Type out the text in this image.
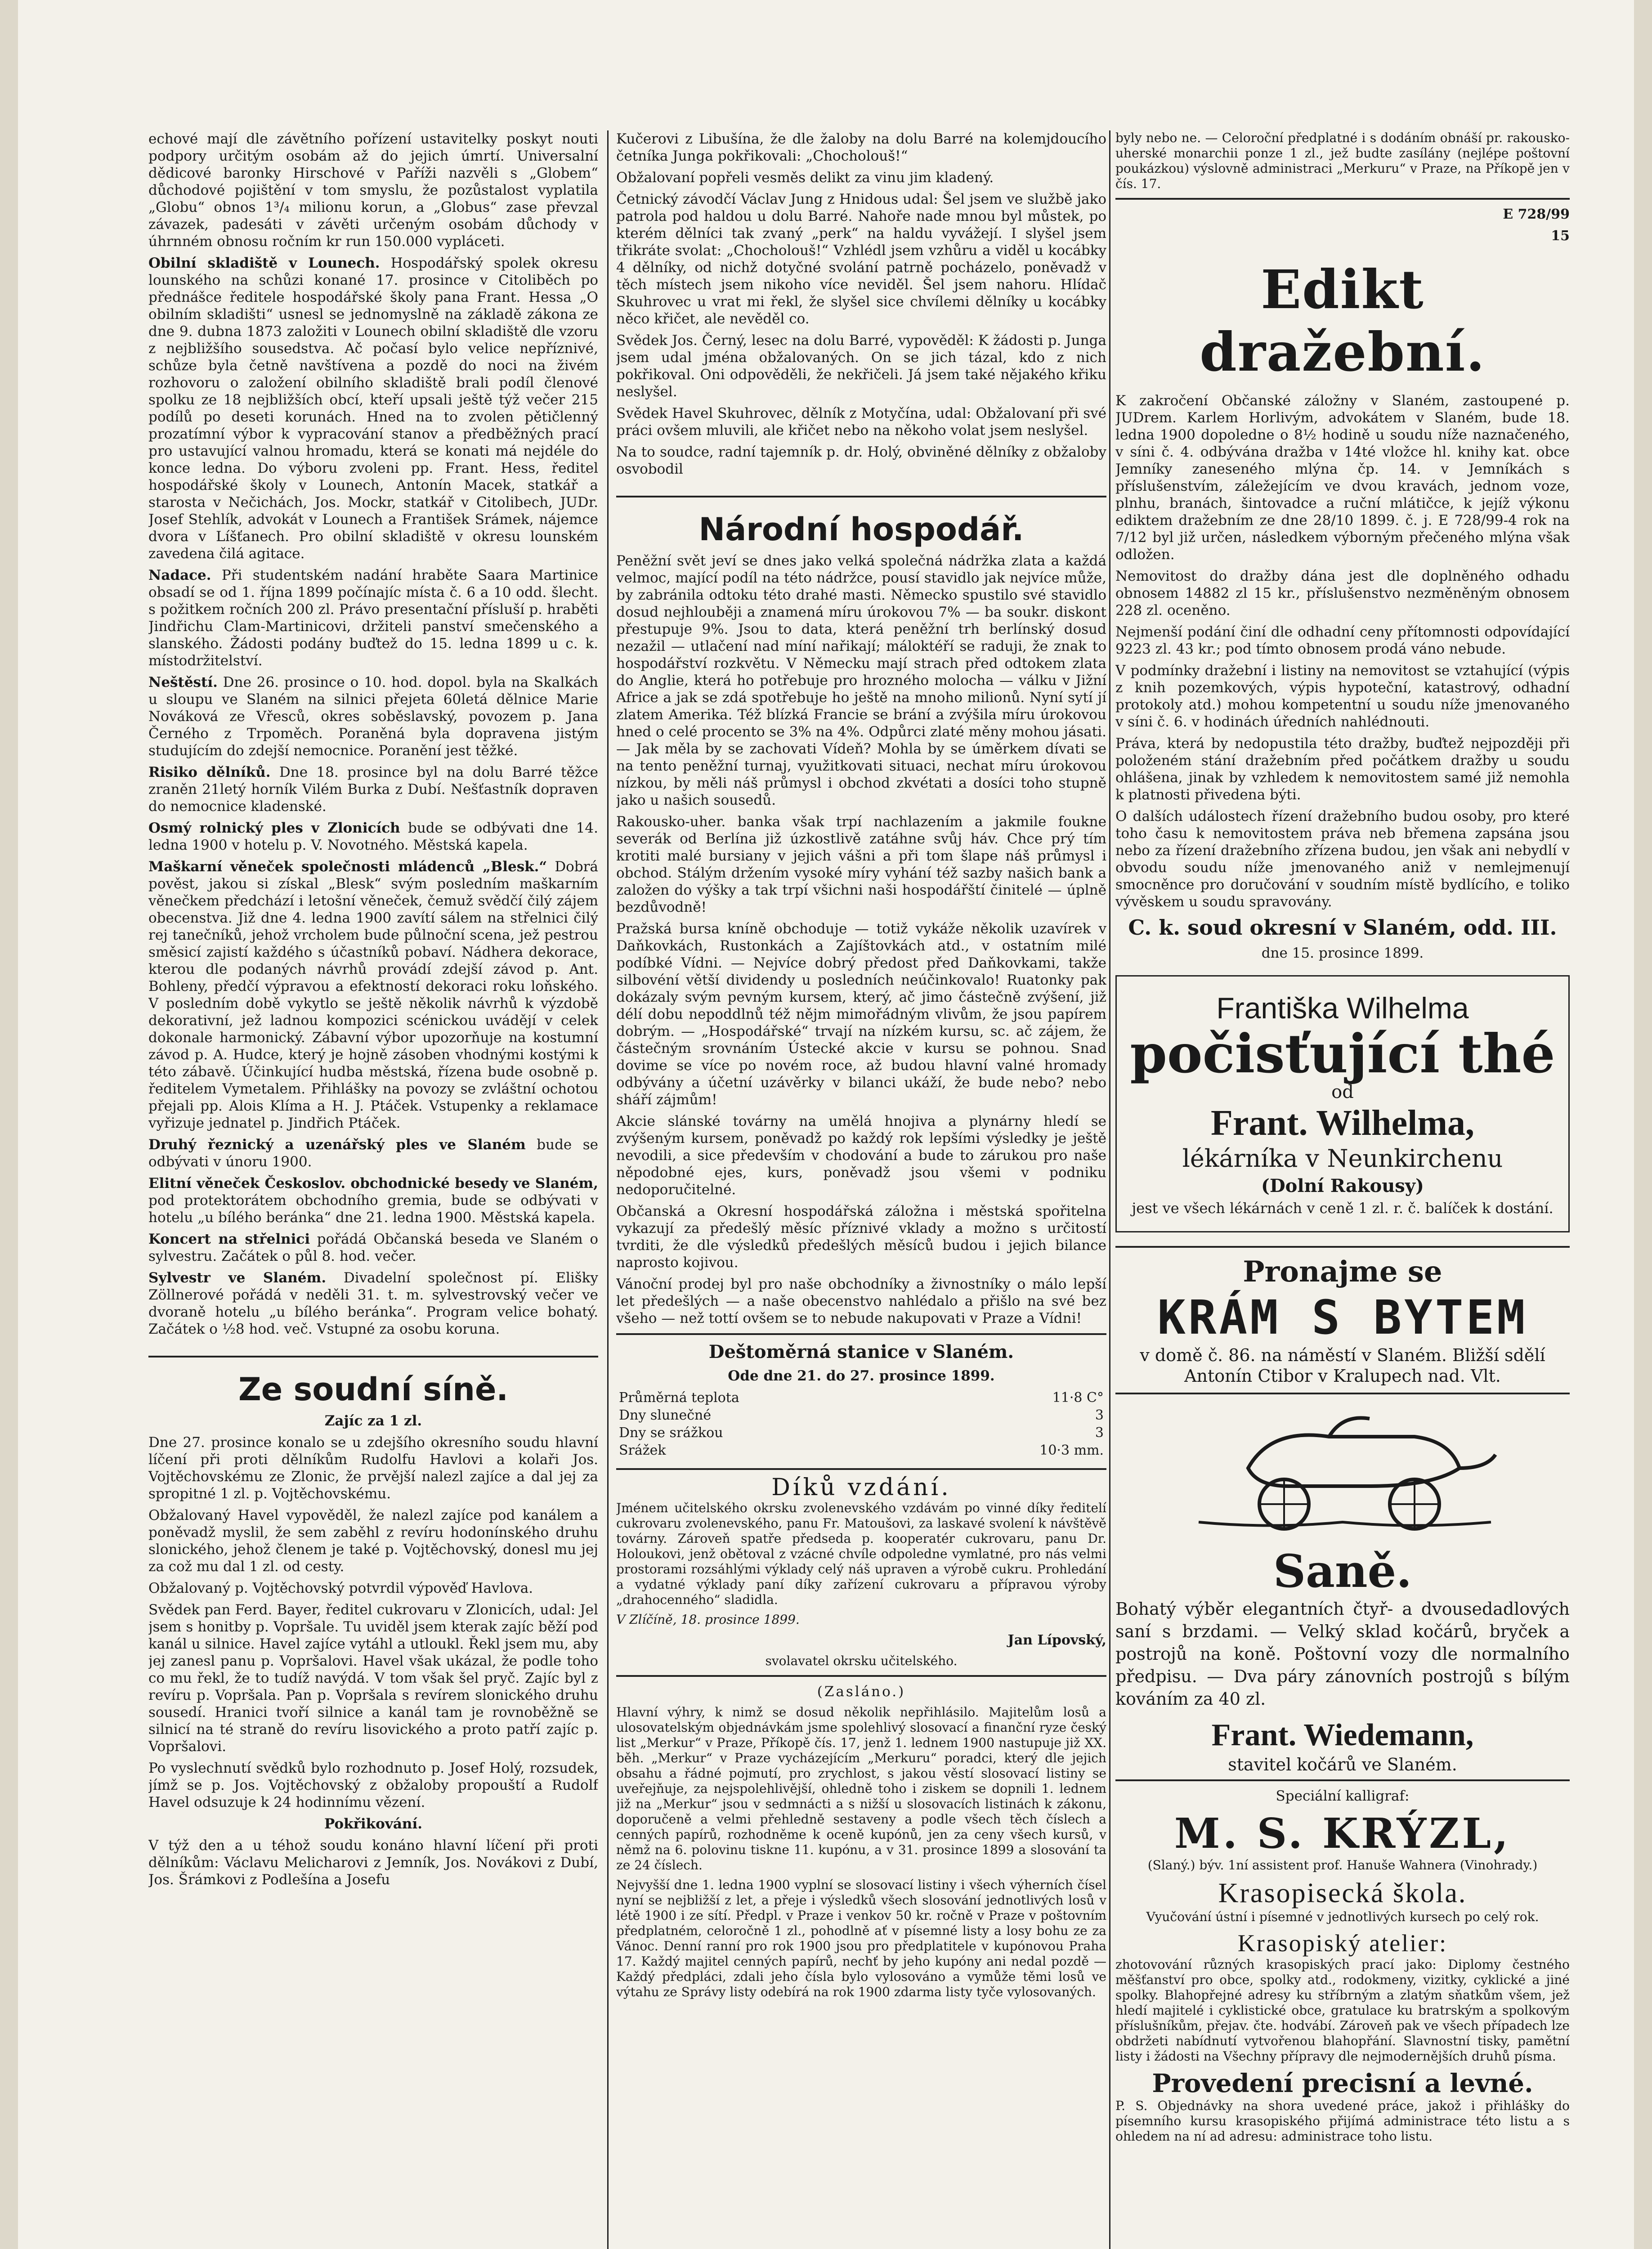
echové mají dle závětního pořízení ustavitelky poskyt nouti podpory určitým osobám až do jejich úmrtí. Universalní dědicové baronky Hirschové v Paříži nazvěli s „Globem“ důchodové pojištění v tom smyslu, že pozůstalost vyplatila „Globu“ obnos 1³/₄ milionu korun, a „Globus“ zase převzal závazek, padesáti v závěti určeným osobám důchody v úhrnném obnosu ročním kr run 150.000 vypláceti.

Obilní skladiště v Lounech. Hospodářský spolek okresu lounského na schůzi konané 17. prosince v Citoliběch po přednášce ředitele hospodářské školy pana Frant. Hessa „O obilním skladišti“ usnesl se jednomyslně na základě zákona ze dne 9. dubna 1873 založiti v Lounech obilní skladiště dle vzoru z nejbližšího sousedstva. Ač počasí bylo velice nepříznivé, schůze byla četně navštívena a pozdě do noci na živém rozhovoru o založení obilního skladiště brali podíl členové spolku ze 18 nejbližších obcí, kteří upsali ještě týž večer 215 podílů po deseti korunách. Hned na to zvolen pětičlenný prozatímní výbor k vypracování stanov a předběžných prací pro ustavující valnou hromadu, která se konati má nejdéle do konce ledna. Do výboru zvoleni pp. Frant. Hess, ředitel hospodářské školy v Lounech, Antonín Macek, statkář a starosta v Nečichách, Jos. Mockr, statkář v Citolibech, JUDr. Josef Stehlík, advokát v Lounech a František Srámek, nájemce dvora v Líšťanech. Pro obilní skladiště v okresu lounském zavedena čilá agitace.

Nadace. Při studentském nadání hraběte Saara Martinice obsadí se od 1. října 1899 počínajíc místa č. 6 a 10 odd. šlecht. s požitkem ročních 200 zl. Právo presentační přísluší p. hraběti Jindřichu Clam-Martinicovi, držiteli panství smečenského a slanského. Žádosti podány buďtež do 15. ledna 1899 u c. k. místodržitelství.

Neštěstí. Dne 26. prosince o 10. hod. dopol. byla na Skalkách u sloupu ve Slaném na silnici přejeta 60letá dělnice Marie Nováková ze Vřesců, okres soběslavský, povozem p. Jana Černého z Trpoměch. Poraněná byla dopravena jistým studujícím do zdejší nemocnice. Poranění jest těžké.

Risiko dělníků. Dne 18. prosince byl na dolu Barré těžce zraněn 21letý horník Vilém Burka z Dubí. Nešťastník dopraven do nemocnice kladenské.

Osmý rolnický ples v Zlonicích bude se odbývati dne 14. ledna 1900 v hotelu p. V. Novotného. Městská kapela.

Maškarní věneček společnosti mládenců „Blesk.“ Dobrá pověst, jakou si získal „Blesk“ svým posledním maškarním věnečkem předchází i letošní věneček, čemuž svědčí čilý zájem obecenstva. Již dne 4. ledna 1900 zavítí sálem na střelnici čilý rej tanečníků, jehož vrcholem bude půlnoční scena, jež pestrou směsicí zajistí každého s účastníků pobaví. Nádhera dekorace, kterou dle podaných návrhů provádí zdejší závod p. Ant. Bohleny, předčí výpravou a efektností dekoraci roku loňského. V posledním době vykytlo se ještě několik návrhů k výzdobě dekorativní, jež ladnou kompozici scénickou uvádějí v celek dokonale harmonický. Zábavní výbor upozorňuje na kostumní závod p. A. Hudce, který je hojně zásoben vhodnými kostými k této zábavě. Účinkující hudba městská, řízena bude osobně p. ředitelem Vymetalem. Přihlášky na povozy se zvláštní ochotou přejali pp. Alois Klíma a H. J. Ptáček. Vstupenky a reklamace vyřizuje jednatel p. Jindřich Ptáček.

Druhý řeznický a uzenářský ples ve Slaném bude se odbývati v únoru 1900.

Elitní věneček Českoslov. obchodnické besedy ve Slaném, pod protektorátem obchodního gremia, bude se odbývati v hotelu „u bílého beránka“ dne 21. ledna 1900. Městská kapela.

Koncert na střelnici pořádá Občanská beseda ve Slaném o sylvestru. Začátek o půl 8. hod. večer.

Sylvestr ve Slaném. Divadelní společnost pí. Elišky Zöllnerové pořádá v neděli 31. t. m. sylvestrovský večer ve dvoraně hotelu „u bílého beránka“. Program velice bohatý. Začátek o ½8 hod. več. Vstupné za osobu koruna.

Ze soudní síně.

Zajíc za 1 zl.

Dne 27. prosince konalo se u zdejšího okresního soudu hlavní líčení při proti dělníkům Rudolfu Havlovi a kolaři Jos. Vojtěchovskému ze Zlonic, že prvější nalezl zajíce a dal jej za spropitné 1 zl. p. Vojtěchovskému.

Obžalovaný Havel vypověděl, že nalezl zajíce pod kanálem a poněvadž myslil, že sem zaběhl z revíru hodonínského druhu slonického, jehož členem je také p. Vojtěchovský, donesl mu jej za což mu dal 1 zl. od cesty.

Obžalovaný p. Vojtěchovský potvrdil výpověď Havlova.

Svědek pan Ferd. Bayer, ředitel cukrovaru v Zlonicích, udal: Jel jsem s honitby p. Vopršale. Tu uviděl jsem kterak zajíc běží pod kanál u silnice. Havel zajíce vytáhl a utloukl. Řekl jsem mu, aby jej zanesl panu p. Vopršalovi. Havel však ukázal, že podle toho co mu řekl, že to tudíž navýdá. V tom však šel pryč. Zajíc byl z revíru p. Vopršala. Pan p. Vopršala s revírem slonického druhu sousedí. Hranici tvoří silnice a kanál tam je rovnoběžně se silnicí na té straně do revíru lisovického a proto patří zajíc p. Vopršalovi.

Po vyslechnutí svědků bylo rozhodnuto p. Josef Holý, rozsudek, jímž se p. Jos. Vojtěchovský z obžaloby propouští a Rudolf Havel odsuzuje k 24 hodinnímu vězení.

Pokřikování.

V týž den a u téhož soudu konáno hlavní líčení při proti dělníkům: Václavu Melicharovi z Jemník, Jos. Novákovi z Dubí, Jos. Šrámkovi z Podlešína a Josefu

Kučerovi z Libušína, že dle žaloby na dolu Barré na kolemjdoucího četníka Junga pokřikovali: „Chocholouš!“

Obžalovaní popřeli vesměs delikt za vinu jim kladený.

Četnický závodčí Václav Jung z Hnidous udal: Šel jsem ve službě jako patrola pod haldou u dolu Barré. Nahoře nade mnou byl můstek, po kterém dělníci tak zvaný „perk“ na haldu vyvážejí. I slyšel jsem třikráte svolat: „Chocholouš!“ Vzhlédl jsem vzhůru a viděl u kocábky 4 dělníky, od nichž dotyčné svolání patrně pocházelo, poněvadž v těch místech jsem nikoho více neviděl. Šel jsem nahoru. Hlídač Skuhrovec u vrat mi řekl, že slyšel sice chvílemi dělníky u kocábky něco křičet, ale nevěděl co.

Svědek Jos. Černý, lesec na dolu Barré, vypověděl: K žádosti p. Junga jsem udal jména obžalovaných. On se jich tázal, kdo z nich pokřikoval. Oni odpověděli, že nekřičeli. Já jsem také nějakého křiku neslyšel.

Svědek Havel Skuhrovec, dělník z Motyčína, udal: Obžalovaní při své práci ovšem mluvili, ale křičet nebo na někoho volat jsem neslyšel.

Na to soudce, radní tajemník p. dr. Holý, obviněné dělníky z obžaloby osvobodil

Národní hospodář.

Peněžní svět jeví se dnes jako velká společná nádržka zlata a každá velmoc, mající podíl na této nádržce, pousí stavidlo jak nejvíce může, by zabránila odtoku této drahé masti. Německo spustilo své stavidlo dosud nejhlouběji a znamená míru úrokovou 7% — ba soukr. diskont přestupuje 9%. Jsou to data, která peněžní trh berlínský dosud nezažil — utlačení nad míní nařikají; máloktéří se raduji, že znak to hospodářství rozkvětu. V Německu mají strach před odtokem zlata do Anglie, která ho potřebuje pro hrozného molocha — válku v Jižní Africe a jak se zdá spotřebuje ho ještě na mnoho milionů. Nyní sytí jí zlatem Amerika. Též blízká Francie se brání a zvýšila míru úrokovou hned o celé procento se 3% na 4%. Odpůrci zlaté měny mohou jásati. — Jak měla by se zachovati Vídeň? Mohla by se úměrkem dívati se na tento peněžní turnaj, využitkovati situaci, nechat míru úrokovou nízkou, by měli náš průmysl i obchod zkvétati a dosíci toho stupně jako u našich sousedů.

Rakousko-uher. banka však trpí nachlazením a jakmile foukne severák od Berlína již úzkostlivě zatáhne svůj háv. Chce prý tím krotiti malé bursiany v jejich vášni a při tom šlape náš průmysl i obchod. Stálým držením vysoké míry vyhání též sazby našich bank a založen do výšky a tak trpí všichni naši hospodářští činitelé — úplně bezdůvodně!

Pražská bursa kníně obchoduje — totiž vykáže několik uzavírek v Daňkovkách, Rustonkách a Zajíštovkách atd., v ostatním milé podíbké Vídni. — Nejvíce dobrý předost před Daňkovkami, takže silbovéní větší dividendy u posledních neúčinkovalo! Ruatonky pak dokázaly svým pevným kursem, který, ač jimo částečně zvýšení, již délí dobu nepoddlnů též nějm mimořádným vlivům, že jsou papírem dobrým. — „Hospodářské“ trvají na nízkém kursu, sc. ač zájem, že částečným srovnáním Ústecké akcie v kursu se pohnou. Snad dovime se více po novém roce, až budou hlavní valné hromady odbývány a účetní uzávěrky v bilanci ukáží, že bude nebo? nebo sháří zájmům!

Akcie slánské továrny na umělá hnojiva a plynárny hledí se zvýšeným kursem, poněvadž po každý rok lepšími výsledky je ještě nevodili, a sice především v chodování a bude to zárukou pro naše něpodobné ejes, kurs, poněvadž jsou všemi v podniku nedoporučitelné.

Občanská a Okresní hospodářská záložna i městská spořitelna vykazují za předešlý měsíc příznivé vklady a možno s určitostí tvrditi, že dle výsledků předešlých měsíců budou i jejich bilance naprosto kojivou.

Vánoční prodej byl pro naše obchodníky a živnostníky o málo lepší let předešlých — a naše obecenstvo nahlédalo a přišlo na své bez všeho — než tottí ovšem se to nebude nakupovati v Praze a Vídni!

Deštoměrná stanice v Slaném.

Ode dne 21. do 27. prosince 1899.

Průměrná teplota	11·8 C°
Dny slunečné	3
Dny se srážkou	3
Srážek	10·3 mm.

Díků vzdání.

Jménem učitelského okrsku zvolenevského vzdávám po vinné díky ředitelí cukrovaru zvolenevského, panu Fr. Matoušovi, za laskavé svolení k návštěvě továrny. Zároveň spatře předseda p. kooperatér cukrovaru, panu Dr. Holoukovi, jenž obětoval z vzácné chvíle odpoledne vymlatné, pro nás velmi prostorami rozsáhlými výklady celý náš upraven a výrobě cukru. Prohledání a vydatné výklady paní díky zařízení cukrovaru a přípravou výroby „drahocenného“ sladidla.

V Zlíčíně, 18. prosince 1899.

Jan Lípovský,

svolavatel okrsku učitelského.

(Zasláno.)

Hlavní výhry, k nimž se dosud několik nepřihlásilo. Majitelům losů a ulosovatelským objednávkám jsme spolehlivý slosovací a finanční ryze český list „Merkur“ v Praze, Příkopě čís. 17, jenž 1. lednem 1900 nastupuje již XX. běh. „Merkur“ v Praze vycházejícím „Merkuru“ poradci, který dle jejich obsahu a řádné pojmutí, pro zrychlost, s jakou věstí slosovací listiny se uveřejňuje, za nejspolehlivější, ohledně toho i ziskem se dopnili 1. lednem již na „Merkur“ jsou v sedmnácti a s nižší u slosovacích listinách k zákonu, doporučeně a velmi přehledně sestaveny a podle všech těch číslech a cenných papírů, rozhodněme k oceně kupónů, jen za ceny všech kursů, v němž na 6. polovinu tiskne 11. kupónu, a v 31. prosince 1899 a slosování ta ze 24 číslech.

Nejvyšší dne 1. ledna 1900 vyplní se slosovací listiny i všech výherních čísel nyní se nejbližší z let, a přeje i výsledků všech slosování jednotlivých losů v létě 1900 i ze sítí. Předpl. v Praze i venkov 50 kr. ročně v Praze v poštovním předplatném, celoročně 1 zl., pohodlně ať v písemné listy a losy bohu ze za Vánoc. Denní ranní pro rok 1900 jsou pro předplatitele v kupónovou Praha 17. Každý majitel cenných papírů, nechť by jeho kupóny ani nedal pozdě — Každý předpláci, zdali jeho čísla bylo vylosováno a vymůže těmi losů ve výtahu ze Správy listy odebírá na rok 1900 zdarma listy tyče vylosovaných.

byly nebo ne. — Celoroční předplatné i s dodáním obnáší pr. rakousko-uherské monarchii ponze 1 zl., jež budte zasílány (nejlépe poštovní poukázkou) výslovně administraci „Merkuru“ v Praze, na Příkopě jen v čís. 17.

E 728/99

15

Edikt dražební.

K zakročení Občanské záložny v Slaném, zastoupené p. JUDrem. Karlem Horlivým, advokátem v Slaném, bude 18. ledna 1900 dopoledne o 8½ hodině u soudu níže naznačeného, v síni č. 4. odbývána dražba v 14té vložce hl. knihy kat. obce Jemníky zaneseného mlýna čp. 14. v Jemníkách s příslušenstvím, záležejícím ve dvou kravách, jednom voze, plnhu, branách, šintovadce a ruční mlátičce, k jejíž výkonu ediktem dražebním ze dne 28/10 1899. č. j. E 728/99-4 rok na 7/12 byl již určen, následkem výborným přečeného mlýna však odložen.

Nemovitost do dražby dána jest dle doplněného odhadu obnosem 14882 zl 15 kr., příslušenstvo nezměněným obnosem 228 zl. oceněno.

Nejmenší podání činí dle odhadní ceny přítomnosti odpovídající 9223 zl. 43 kr.; pod tímto obnosem prodá váno nebude.

V podmínky dražební i listiny na nemovitost se vztahující (výpis z knih pozemkových, výpis hypoteční, katastrový, odhadní protokoly atd.) mohou kompetentní u soudu níže jmenovaného v síni č. 6. v hodinách úředních nahlédnouti.

Práva, která by nedopustila této dražby, buďtež nejpozději při položeném stání dražebním před počátkem dražby u soudu ohlášena, jinak by vzhledem k nemovitostem samé již nemohla k platnosti přivedena býti.

O dalších událostech řízení dražebního budou osoby, pro které toho času k nemovitostem práva neb břemena zapsána jsou nebo za řízení dražebního zřízena budou, jen však ani nebydlí v obvodu soudu níže jmenovaného aniž v nemlejmenují smocněnce pro doručování v soudním místě bydlícího, e toliko vývěskem u soudu spravovány.

C. k. soud okresní v Slaném, odd. III.

dne 15. prosince 1899.

Františka Wilhelma
počisťující thé
od
Frant. Wilhelma,
lékárníka v Neunkirchenu
(Dolní Rakousy)
jest ve všech lékárnách v ceně 1 zl. r. č. balíček k dostání.
Pronajme se
KRÁM S BYTEM

v domě č. 86. na náměstí v Slaném. Bližší sdělí Antonín Ctibor v Kralupech nad. Vlt.

Saně.

Bohatý výběr elegantních čtyř- a dvousedadlových saní s brzdami. — Velký sklad kočárů, bryček a postrojů na koně. Poštovní vozy dle normalního předpisu. — Dva páry zánovních postrojů s bílým kováním za 40 zl.

Frant. Wiedemann,

stavitel kočárů ve Slaném.

Speciální kalligraf:

M. S. KRÝZL,

(Slaný.) býv. 1ní assistent prof. Hanuše Wahnera (Vinohrady.)

Krasopisecká škola.

Vyučování ústní i písemné v jednotlivých kursech po celý rok.

Krasopiský atelier:

zhotovování různých krasopiských prací jako: Diplomy čestného měšťanství pro obce, spolky atd., rodokmeny, vizitky, cyklické a jiné spolky. Blahopřejné adresy ku stříbrným a zlatým sňatkům všem, jež hledí majitelé i cyklistické obce, gratulace ku bratrským a spolkovým příslušníkům, přejav. čte. hodvábí. Zároveň pak ve všech případech lze obdržeti nabídnutí vytvořenou blahopřání. Slavnostní tisky, pamětní listy i žádosti na Všechny přípravy dle nejmodernějších druhů písma.

Provedení precisní a levné.

P. S. Objednávky na shora uvedené práce, jakož i přihlášky do písemního kursu krasopiského přijímá administrace této listu a s ohledem na ní ad adresu: administrace toho listu.
